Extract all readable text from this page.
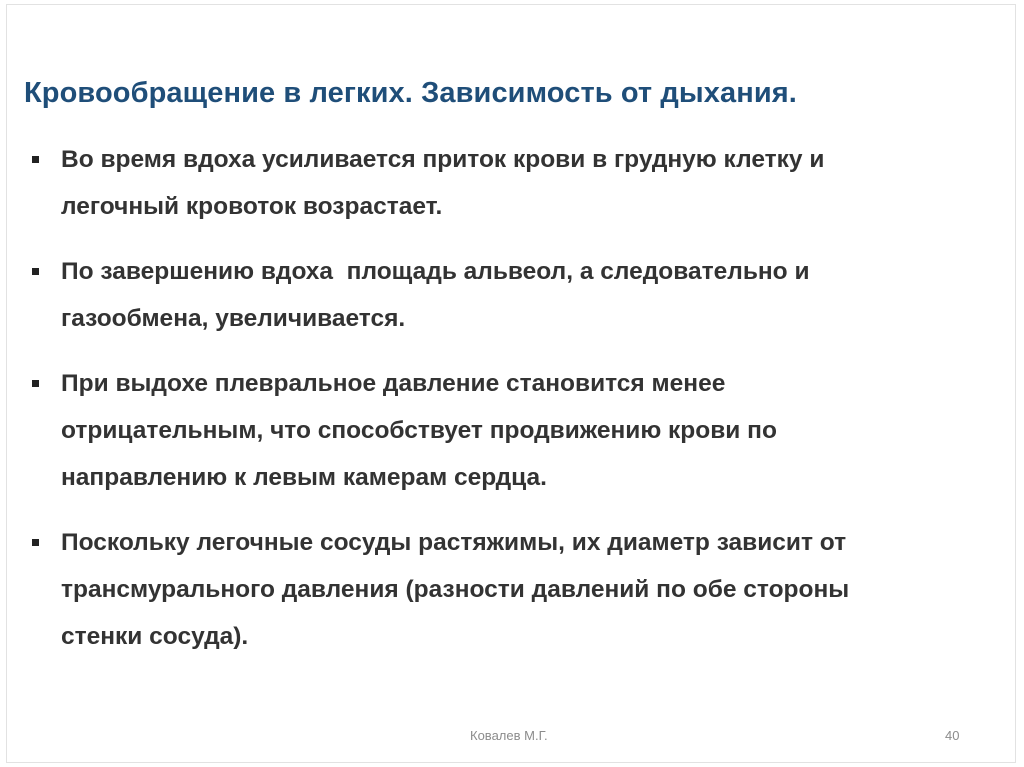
Кровообращение в легких. Зависимость от дыхания.
Во время вдоха усиливается приток крови в грудную клетку и
легочный кровоток возрастает.
По завершению вдоха  площадь альвеол, а следовательно и
газообмена, увеличивается.
При выдохе плевральное давление становится менее
отрицательным, что способствует продвижению крови по
направлению к левым камерам сердца.
Поскольку легочные сосуды растяжимы, их диаметр зависит от
трансмурального давления (разности давлений по обе стороны
стенки сосуда).
Ковалев М.Г.	40
